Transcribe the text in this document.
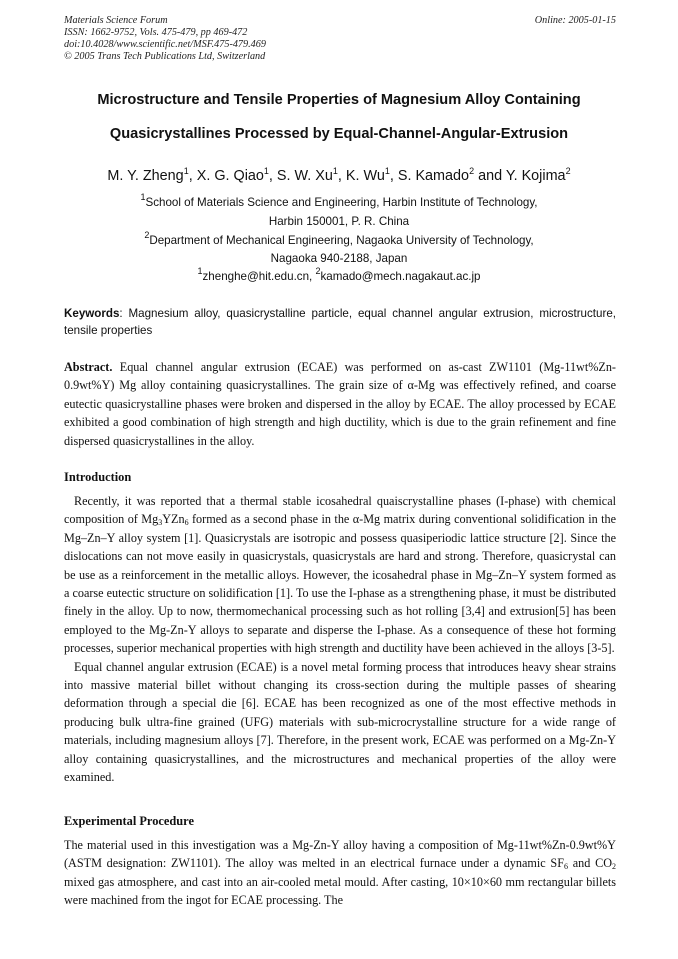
Materials Science Forum
ISSN: 1662-9752, Vols. 475-479, pp 469-472
doi:10.4028/www.scientific.net/MSF.475-479.469
© 2005 Trans Tech Publications Ltd, Switzerland
Online: 2005-01-15
Microstructure and Tensile Properties of Magnesium Alloy Containing
Quasicrystallines Processed by Equal-Channel-Angular-Extrusion
M. Y. Zheng$^1$, X. G. Qiao$^1$, S. W. Xu$^1$, K. Wu$^1$, S. Kamado$^2$ and Y. Kojima$^2$
$^1$School of Materials Science and Engineering, Harbin Institute of Technology,
Harbin 150001, P. R. China
$^2$Department of Mechanical Engineering, Nagaoka University of Technology,
Nagaoka 940-2188, Japan
$^1$zhenghe@hit.edu.cn, $^2$kamado@mech.nagakaut.ac.jp
Keywords: Magnesium alloy, quasicrystalline particle, equal channel angular extrusion, microstructure, tensile properties

Abstract. Equal channel angular extrusion (ECAE) was performed on as-cast ZW1101 (Mg-11wt%Zn-0.9wt%Y) Mg alloy containing quasicrystallines. The grain size of α-Mg was effectively refined, and coarse eutectic quasicrystalline phases were broken and dispersed in the alloy by ECAE. The alloy processed by ECAE exhibited a good combination of high strength and high ductility, which is due to the grain refinement and fine dispersed quasicrystallines in the alloy.

Introduction

Recently, it was reported that a thermal stable icosahedral quaiscrystalline phases (I-phase) with chemical composition of $Mg_3YZn_6$ formed as a second phase in the α-Mg matrix during conventional solidification in the Mg–Zn–Y alloy system [1]. Quasicrystals are isotropic and possess quasiperiodic lattice structure [2]. Since the dislocations can not move easily in quasicrystals, quasicrystals are hard and strong. Therefore, quasicrystal can be use as a reinforcement in the metallic alloys. However, the icosahedral phase in Mg–Zn–Y system formed as a coarse eutectic structure on solidification [1]. To use the I-phase as a strengthening phase, it must be distributed finely in the alloy. Up to now, thermomechanical processing such as hot rolling [3,4] and extrusion[5] has been employed to the Mg-Zn-Y alloys to separate and disperse the I-phase. As a consequence of these hot forming processes, superior mechanical properties with high strength and ductility have been achieved in the alloys [3-5].

Equal channel angular extrusion (ECAE) is a novel metal forming process that introduces heavy shear strains into massive material billet without changing its cross-section during the multiple passes of shearing deformation through a special die [6]. ECAE has been recognized as one of the most effective methods in producing bulk ultra-fine grained (UFG) materials with sub-microcrystalline structure for a wide range of materials, including magnesium alloys [7]. Therefore, in the present work, ECAE was performed on a Mg-Zn-Y alloy containing quasicrystallines, and the microstructures and mechanical properties of the alloy were examined.

Experimental Procedure

The material used in this investigation was a Mg-Zn-Y alloy having a composition of Mg-11wt%Zn-0.9wt%Y (ASTM designation: ZW1101). The alloy was melted in an electrical furnace under a dynamic $SF_6$ and $CO_2$ mixed gas atmosphere, and cast into an air-cooled metal mould. After casting, 10×10×60 mm rectangular billets were machined from the ingot for ECAE processing. The
